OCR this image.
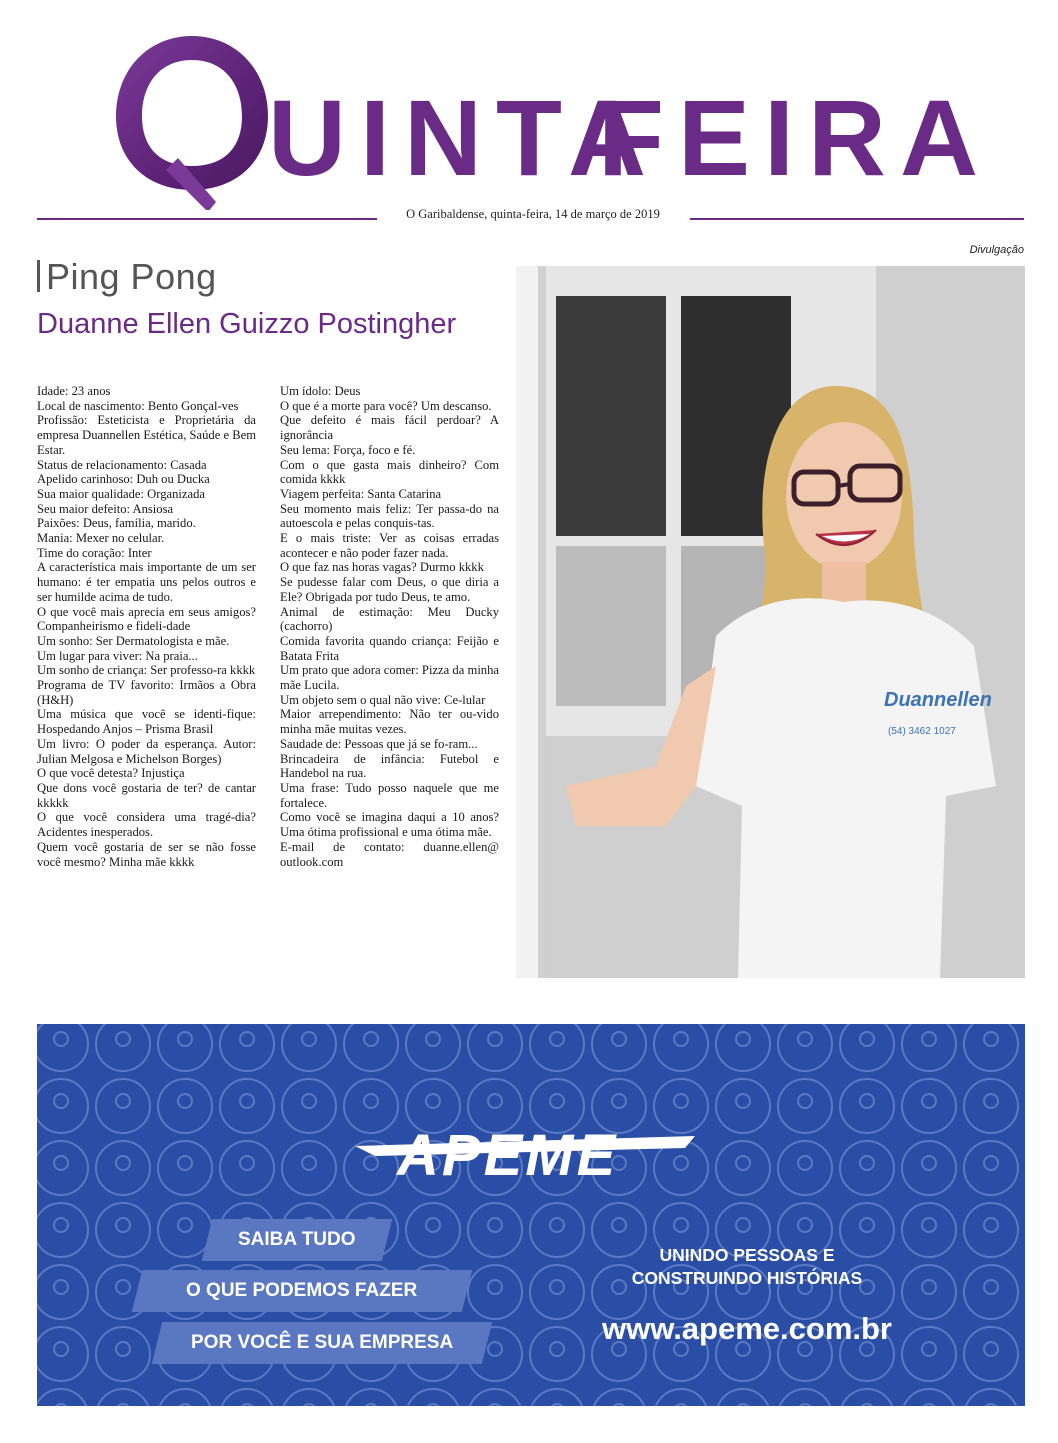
UINTA
FEIRA
O Garibaldense, quinta-feira, 14 de março de 2019
Divulgação
Ping Pong
Duanne Ellen Guizzo Postingher

Idade: 23 anos

Local de nascimento: Bento Gonçal-ves

Profissão: Esteticista e Proprietária da empresa Duannellen Estética, Saúde e Bem Estar.

Status de relacionamento: Casada

Apelido carinhoso: Duh ou Ducka

Sua maior qualidade: Organizada

Seu maior defeito: Ansiosa

Paixões: Deus, família, marido.

Mania: Mexer no celular.

Time do coração: Inter

A característica mais importante de um ser humano: é ter empatia uns pelos outros e ser humilde acima de tudo.

O que você mais aprecia em seus amigos? Companheirismo e fideli-dade

Um sonho: Ser Dermatologista e mãe.

Um lugar para viver: Na praia...

Um sonho de criança: Ser professo-ra kkkk

Programa de TV favorito: Irmãos a Obra (H&H)

Uma música que você se identi-fique: Hospedando Anjos – Prisma Brasil

Um livro: O poder da esperança. Autor: Julian Melgosa e Michelson Borges)

O que você detesta? Injustiça

Que dons você gostaria de ter? de cantar kkkkk

O que você considera uma tragé-dia? Acidentes inesperados.

Quem você gostaria de ser se não fosse você mesmo? Minha mãe kkkk

Um ídolo: Deus

O que é a morte para você? Um descanso.

Que defeito é mais fácil perdoar? A ignorância

Seu lema: Força, foco e fé.

Com o que gasta mais dinheiro? Com comida kkkk

Viagem perfeita: Santa Catarina

Seu momento mais feliz: Ter passa-do na autoescola e pelas conquis-tas.

E o mais triste: Ver as coisas erradas acontecer e não poder fazer nada.

O que faz nas horas vagas? Durmo kkkk

Se pudesse falar com Deus, o que diria a Ele? Obrigada por tudo Deus, te amo.

Animal de estimação: Meu Ducky (cachorro)

Comida favorita quando criança: Feijão e Batata Frita

Um prato que adora comer: Pizza da minha mãe Lucila.

Um objeto sem o qual não vive: Ce-lular

Maior arrependimento: Não ter ou-vido minha mãe muitas vezes.

Saudade de: Pessoas que já se fo-ram...

Brincadeira de infância: Futebol e Handebol na rua.

Uma frase: Tudo posso naquele que me fortalece.

Como você se imagina daqui a 10 anos? Uma ótima profissional e uma ótima mãe.

E-mail de contato: duanne.ellen@ outlook.com

Duannellen
(54) 3462 1027
APEME
SAIBA TUDO
O QUE PODEMOS FAZER
POR VOCÊ E SUA EMPRESA
UNINDO PESSOAS E
CONSTRUINDO HISTÓRIAS
www.apeme.com.br
